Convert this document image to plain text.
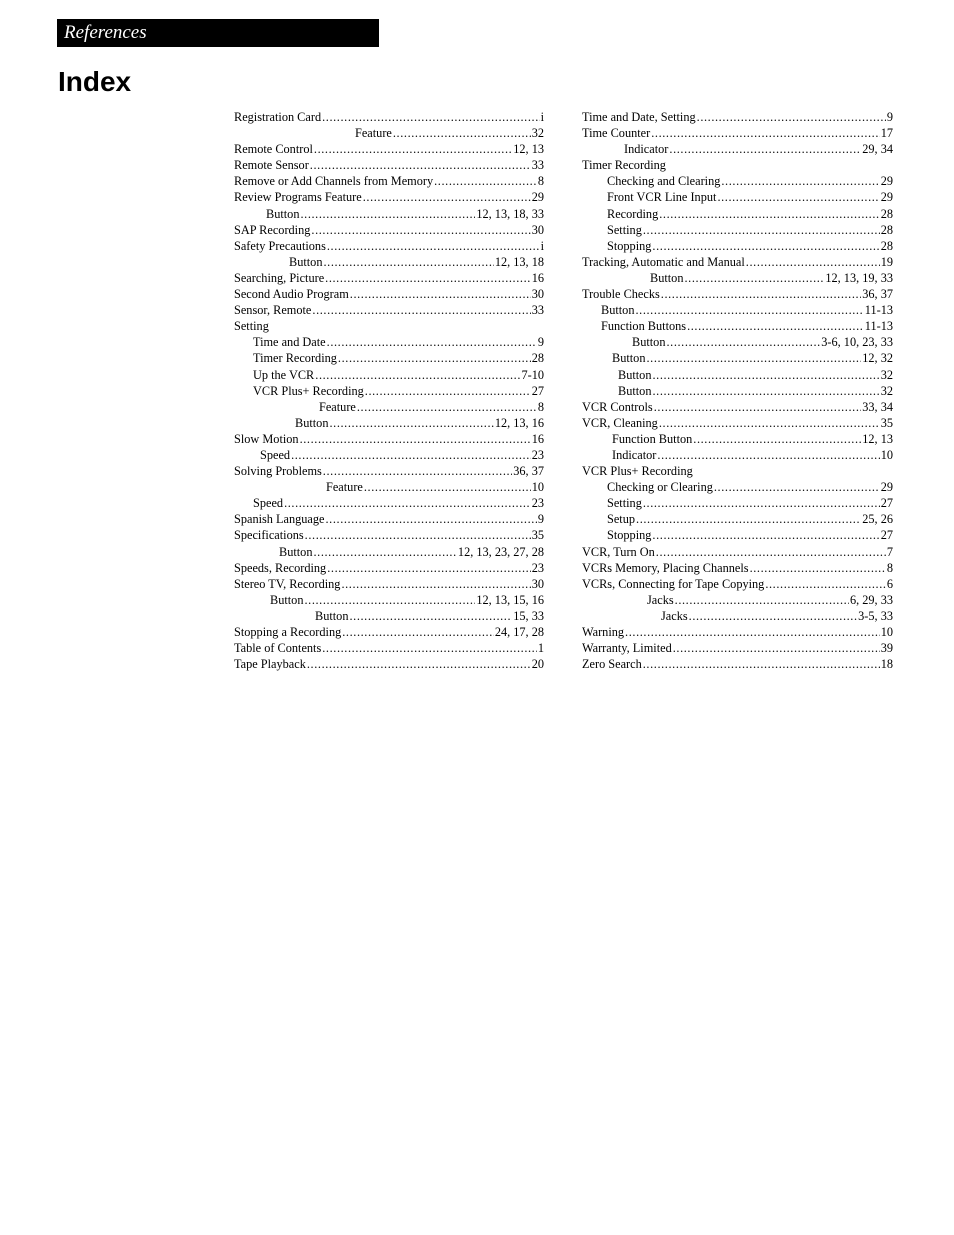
References
Index
Registration Card .....	i
Feature .....	32
Remote Control .....	12, 13
Remote Sensor .....	33
Remove or Add Channels from Memory .....	8
Review Programs Feature .....	29
Button .....	12, 13, 18, 33
SAP Recording .....	30
Safety Precautions .....	i
Button .....	12, 13, 18
Searching, Picture .....	16
Second Audio Program .....	30
Sensor, Remote .....	33
Setting
Time and Date .....	9
Timer Recording .....	28
Up the VCR .....	7-10
VCR Plus+ Recording .....	27
Feature .....	8
Button .....	12, 13, 16
Slow Motion .....	16
Speed .....	23
Solving Problems .....	36, 37
Feature .....	10
Speed .....	23
Spanish Language .....	9
Specifications .....	35
Button .....	12, 13, 23, 27, 28
Speeds, Recording .....	23
Stereo TV, Recording .....	30
Button .....	12, 13, 15, 16
Button .....	15, 33
Stopping a Recording .....	24, 17, 28
Table of Contents .....	1
Tape Playback .....	20
Time and Date, Setting .....	9
Time Counter .....	17
Indicator .....	29, 34
Timer Recording
Checking and Clearing .....	29
Front VCR Line Input .....	29
Recording .....	28
Setting .....	28
Stopping .....	28
Tracking, Automatic and Manual .....	19
Button .....	12, 13, 19, 33
Trouble Checks .....	36, 37
Button .....	11-13
Function Buttons .....	11-13
Button .....	3-6, 10, 23, 33
Button .....	12, 32
Button .....	32
Button .....	32
VCR Controls .....	33, 34
VCR, Cleaning .....	35
Function Button .....	12, 13
Indicator .....	10
VCR Plus+ Recording
Checking or Clearing .....	29
Setting .....	27
Setup .....	25, 26
Stopping .....	27
VCR, Turn On .....	7
VCRs Memory, Placing Channels .....	8
VCRs, Connecting for Tape Copying .....	6
Jacks .....	6, 29, 33
Jacks .....	3-5, 33
Warning .....	10
Warranty, Limited .....	39
Zero Search .....	18
